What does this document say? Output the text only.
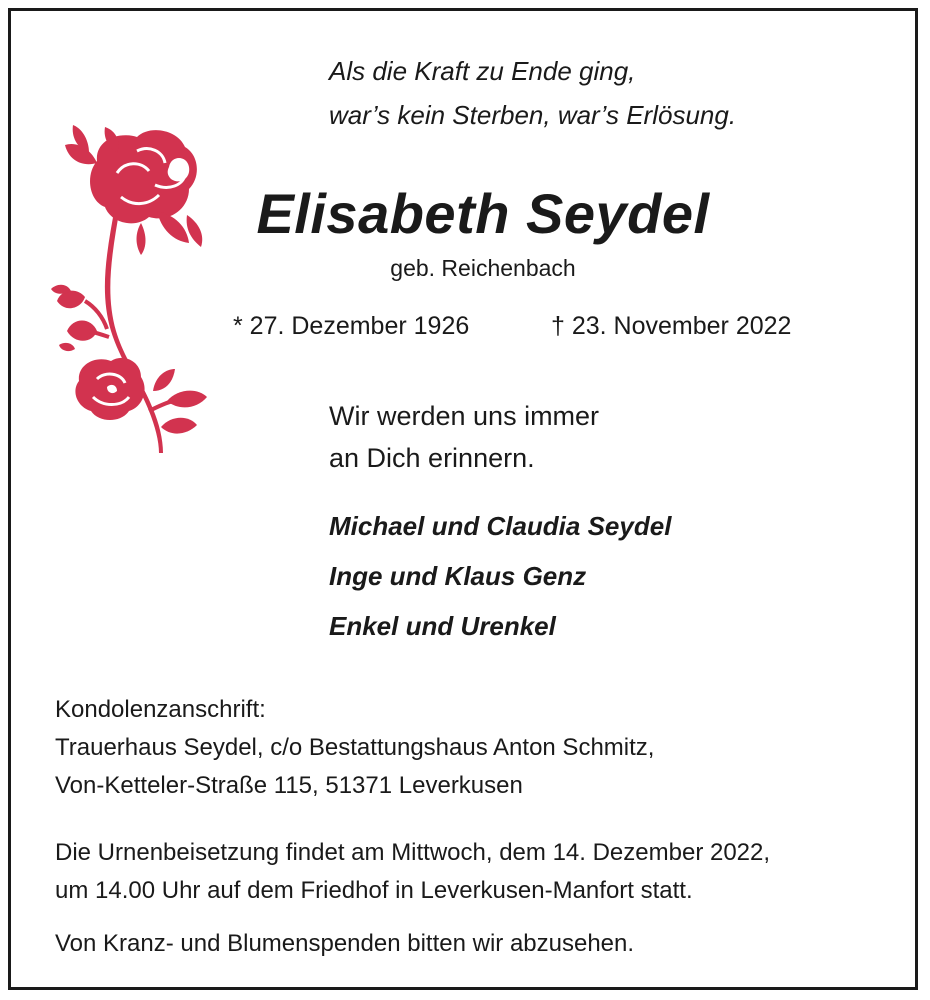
Als die Kraft zu Ende ging,
war’s kein Sterben, war’s Erlösung.

Elisabeth Seydel

geb. Reichenbach

* 27. Dezember 1926	† 23. November 2022

Wir werden uns immer
an Dich erinnern.

Michael und Claudia Seydel
Inge und Klaus Genz
Enkel und Urenkel

Kondolenzanschrift:
Trauerhaus Seydel, c/o Bestattungshaus Anton Schmitz,
Von-Ketteler-Straße 115, 51371 Leverkusen

Die Urnenbeisetzung findet am Mittwoch, dem 14. Dezember 2022,
um 14.00 Uhr auf dem Friedhof in Leverkusen-Manfort statt.

Von Kranz- und Blumenspenden bitten wir abzusehen.
